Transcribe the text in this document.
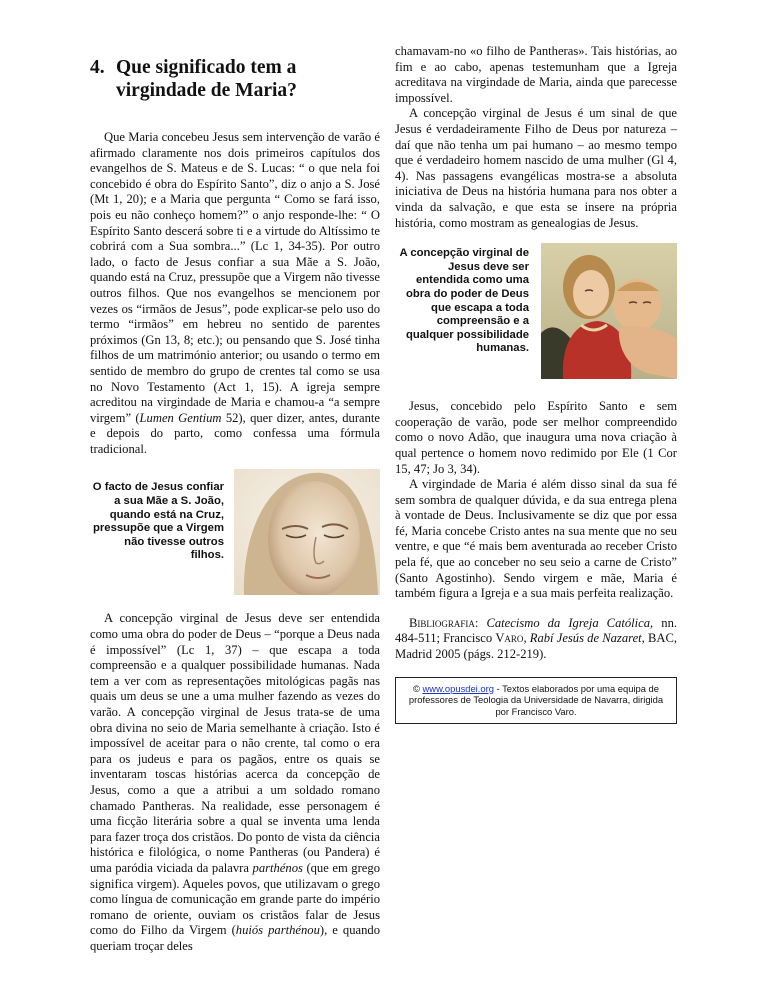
4. Que significado tem a virgindade de Maria?

Que Maria concebeu Jesus sem intervenção de varão é afirmado claramente nos dois primeiros capítulos dos evangelhos de S. Mateus e de S. Lucas: “ o que nela foi concebido é obra do Espírito Santo”, diz o anjo a S. José (Mt 1, 20); e a Maria que pergunta “ Como se fará isso, pois eu não conheço homem?” o anjo responde-lhe: “ O Espírito Santo descerá sobre ti e a virtude do Altíssimo te cobrirá com a Sua sombra...” (Lc 1, 34-35). Por outro lado, o facto de Jesus confiar a sua Mãe a S. João, quando está na Cruz, pressupõe que a Virgem não tivesse outros filhos. Que nos evangelhos se mencionem por vezes os “irmãos de Jesus”, pode explicar-se pelo uso do termo “irmãos” em hebreu no sentido de parentes próximos (Gn 13, 8; etc.); ou pensando que S. José tinha filhos de um matrimónio anterior; ou usando o termo em sentido de membro do grupo de crentes tal como se usa no Novo Testamento (Act 1, 15). A igreja sempre acreditou na virgindade de Maria e chamou-a “a sempre virgem” (Lumen Gentium 52), quer dizer, antes, durante e depois do parto, como confessa uma fórmula tradicional.

O facto de Jesus confiar a sua Mãe a S. João, quando está na Cruz, pressupõe que a Virgem não tivesse outros filhos.

A concepção virginal de Jesus deve ser entendida como uma obra do poder de Deus – “porque a Deus nada é impossível” (Lc 1, 37) – que escapa a toda compreensão e a qualquer possibilidade humanas. Nada tem a ver com as representações mitológicas pagãs nas quais um deus se une a uma mulher fazendo as vezes do varão. A concepção virginal de Jesus trata-se de uma obra divina no seio de Maria semelhante à criação. Isto é impossível de aceitar para o não crente, tal como o era para os judeus e para os pagãos, entre os quais se inventaram toscas histórias acerca da concepção de Jesus, como a que a atribui a um soldado romano chamado Pantheras. Na realidade, esse personagem é uma ficção literária sobre a qual se inventa uma lenda para fazer troça dos cristãos. Do ponto de vista da ciência histórica e filológica, o nome Pantheras (ou Pandera) é uma paródia viciada da palavra parthénos (que em grego significa virgem). Aqueles povos, que utilizavam o grego como língua de comunicação em grande parte do império romano de oriente, ouviam os cristãos falar de Jesus como do Filho da Virgem (huiós parthénou), e quando queriam troçar deles

chamavam-no «o filho de Pantheras». Tais histórias, ao fim e ao cabo, apenas testemunham que a Igreja acreditava na virgindade de Maria, ainda que parecesse impossível.

A concepção virginal de Jesus é um sinal de que Jesus é verdadeiramente Filho de Deus por natureza – daí que não tenha um pai humano – ao mesmo tempo que é verdadeiro homem nascido de uma mulher (Gl 4, 4). Nas passagens evangélicas mostra-se a absoluta iniciativa de Deus na história humana para nos obter a vinda da salvação, e que esta se insere na própria história, como mostram as genealogias de Jesus.

A concepção virginal de Jesus deve ser entendida como uma obra do poder de Deus que escapa a toda compreensão e a qualquer possibilidade humanas.

Jesus, concebido pelo Espírito Santo e sem cooperação de varão, pode ser melhor compreendido como o novo Adão, que inaugura uma nova criação à qual pertence o homem novo redimido por Ele (1 Cor 15, 47; Jo 3, 34).

A virgindade de Maria é além disso sinal da sua fé sem sombra de qualquer dúvida, e da sua entrega plena à vontade de Deus. Inclusivamente se diz que por essa fé, Maria concebe Cristo antes na sua mente que no seu ventre, e que “é mais bem aventurada ao receber Cristo pela fé, que ao conceber no seu seio a carne de Cristo” (Santo Agostinho). Sendo virgem e mãe, Maria é também figura a Igreja e a sua mais perfeita realização.

Bibliografia: Catecismo da Igreja Católica, nn. 484-511; Francisco Varo, Rabí Jesús de Nazaret, BAC, Madrid 2005 (págs. 212-219).

© www.opusdei.org - Textos elaborados por uma equipa de professores de Teologia da Universidade de Navarra, dirigida por Francisco Varo.
